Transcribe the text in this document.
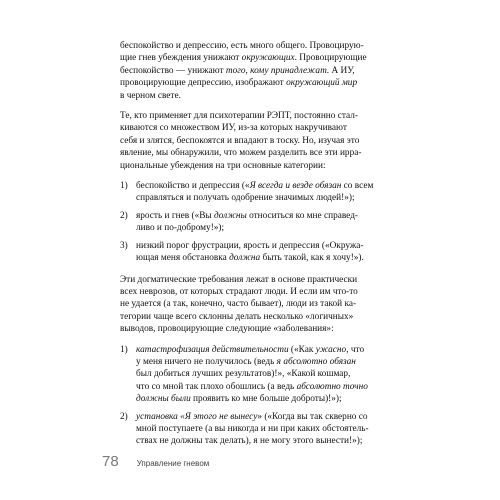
беспокойство и депрессию, есть много общего. Провоцирую-
щие гнев убеждения унижают окружающих. Провоцирующие
беспокойство — унижают того, кому принадлежат. А ИУ,
провоцирующие депрессию, изображают окружающий мир
в черном свете.

Те, кто применяет для психотерапии РЭПТ, постоянно стал-
киваются со множеством ИУ, из-за которых накручивают
себя и злятся, беспокоятся и впадают в тоску. Но, изучая это
явление, мы обнаружили, что можем разделить все эти ирра-
циональные убеждения на три основные категории:

1) беспокойство и депрессия («Я всегда и везде обязан со всем
справляться и получать одобрение значимых людей!»);
2) ярость и гнев («Вы должны относиться ко мне справед-
ливо и по-доброму!»);
3) низкий порог фрустрации, ярость и депрессия («Окружа-
ющая меня обстановка должна быть такой, как я хочу!»).

Эти догматические требования лежат в основе практически
всех неврозов, от которых страдают люди. И если им что-то
не удается (а так, конечно, часто бывает), люди из такой ка-
тегории чаще всего склонны делать несколько «логичных»
выводов, провоцирующие следующие «заболевания»:

1) катастрофизация действительности («Как ужасно, что
у меня ничего не получилось (ведь я абсолютно обязан
был добиться лучших результатов)!», «Какой кошмар,
что со мной так плохо обошлись (а ведь абсолютно точно
должны были проявить ко мне больше доброты)!»);
2) установка «Я этого не вынесу» («Когда вы так скверно со
мной поступаете (а вы никогда и ни при каких обстоятель-
ствах не должны так делать), я не могу этого вынести!»);
78 Управление гневом
